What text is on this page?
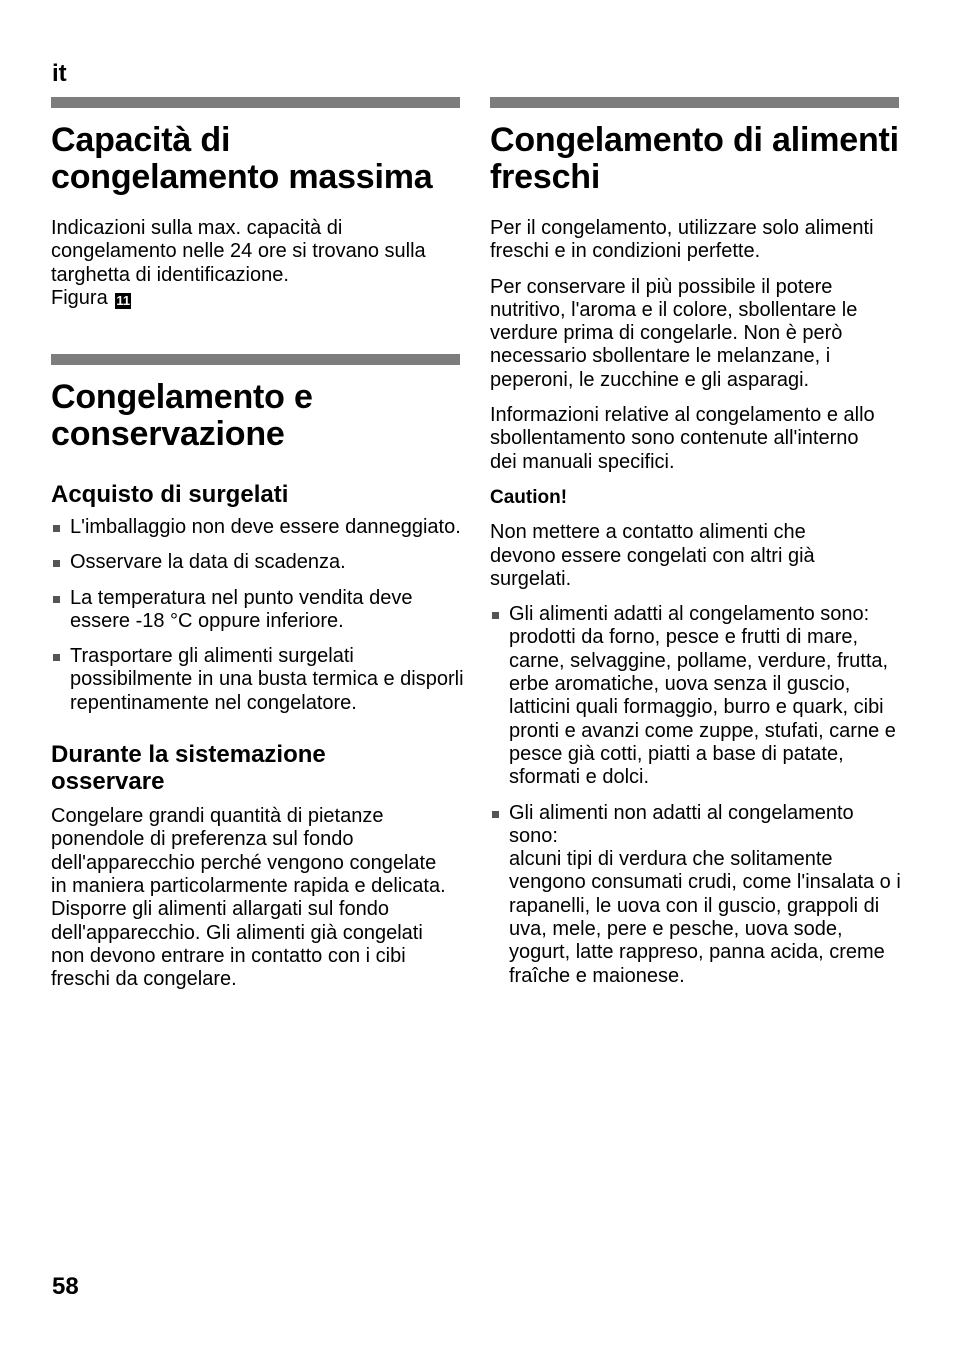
it
Capacità di congelamento massima

Indicazioni sulla max. capacità di congelamento nelle 24 ore si trovano sulla targhetta di identificazione.
Figura 11

Congelamento e conservazione
Acquisto di surgelati
L'imballaggio non deve essere danneggiato.
Osservare la data di scadenza.
La temperatura nel punto vendita deve essere -18 °C oppure inferiore.
Trasportare gli alimenti surgelati possibilmente in una busta termica e disporli repentinamente nel congelatore.
Durante la sistemazione osservare

Congelare grandi quantità di pietanze ponendole di preferenza sul fondo dell'apparecchio perché vengono congelate in maniera particolarmente rapida e delicata. Disporre gli alimenti allargati sul fondo dell'apparecchio. Gli alimenti già congelati non devono entrare in contatto con i cibi freschi da congelare.

Congelamento di alimenti freschi

Per il congelamento, utilizzare solo alimenti freschi e in condizioni perfette.

Per conservare il più possibile il potere nutritivo, l'aroma e il colore, sbollentare le verdure prima di congelarle. Non è però necessario sbollentare le melanzane, i peperoni, le zucchine e gli asparagi.

Informazioni relative al congelamento e allo sbollentamento sono contenute all'interno dei manuali specifici.

Caution!

Non mettere a contatto alimenti che devono essere congelati con altri già surgelati.

Gli alimenti adatti al congelamento sono:
prodotti da forno, pesce e frutti di mare, carne, selvaggine, pollame, verdure, frutta, erbe aromatiche, uova senza il guscio, latticini quali formaggio, burro e quark, cibi pronti e avanzi come zuppe, stufati, carne e pesce già cotti, piatti a base di patate, sformati e dolci.
Gli alimenti non adatti al congelamento sono:
alcuni tipi di verdura che solitamente vengono consumati crudi, come l'insalata o i rapanelli, le uova con il guscio, grappoli di uva, mele, pere e pesche, uova sode, yogurt, latte rappreso, panna acida, creme fraîche e maionese.
58
